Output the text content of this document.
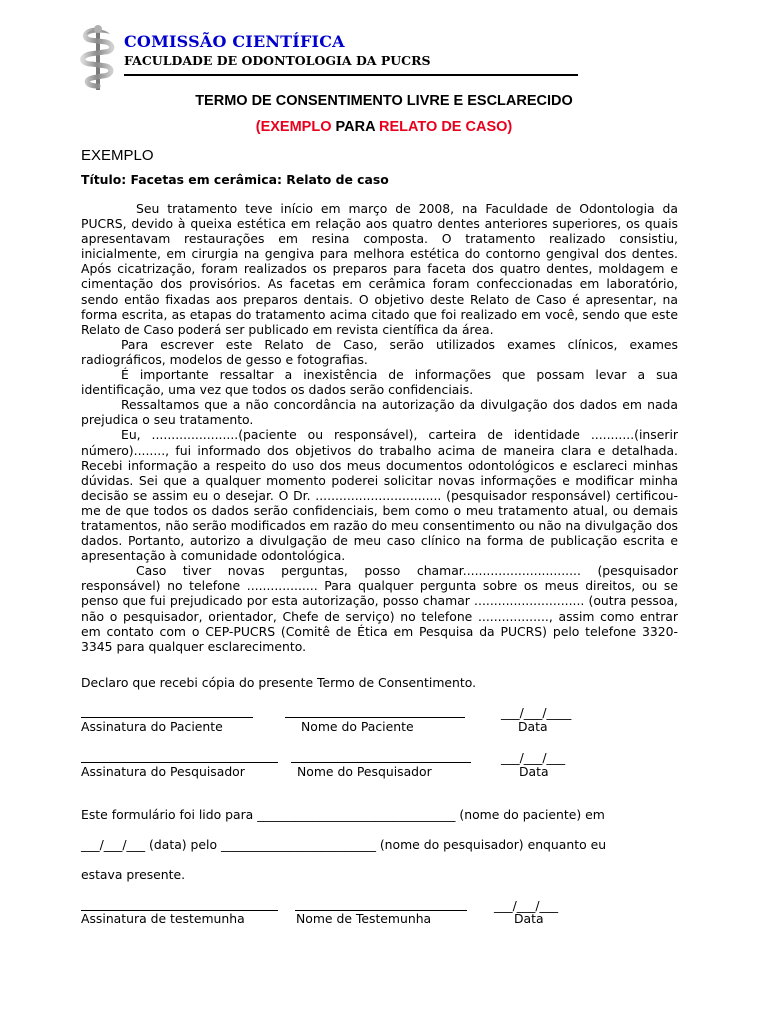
COMISSÃO CIENTÍFICA
FACULDADE DE ODONTOLOGIA DA PUCRS
TERMO DE CONSENTIMENTO LIVRE E ESCLARECIDO
(EXEMPLO PARA RELATO DE CASO)
EXEMPLO
Título: Facetas em cerâmica: Relato de caso

Seu tratamento teve início em março de 2008, na Faculdade de Odontologia da PUCRS, devido à queixa estética em relação aos quatro dentes anteriores superiores, os quais apresentavam restaurações em resina composta. O tratamento realizado consistiu, inicialmente, em cirurgia na gengiva para melhora estética do contorno gengival dos dentes. Após cicatrização, foram realizados os preparos para faceta dos quatro dentes, moldagem e cimentação dos provisórios. As facetas em cerâmica foram confeccionadas em laboratório, sendo então fixadas aos preparos dentais. O objetivo deste Relato de Caso é apresentar, na forma escrita, as etapas do tratamento acima citado que foi realizado em você, sendo que este Relato de Caso poderá ser publicado em revista científica da área.

Para escrever este Relato de Caso, serão utilizados exames clínicos, exames radiográficos, modelos de gesso e fotografias.

É importante ressaltar a inexistência de informações que possam levar a sua identificação, uma vez que todos os dados serão confidenciais.

Ressaltamos que a não concordância na autorização da divulgação dos dados em nada prejudica o seu tratamento.

Eu, ......................(paciente ou responsável), carteira de identidade ...........(inserir número)........, fui informado dos objetivos do trabalho acima de maneira clara e detalhada. Recebi informação a respeito do uso dos meus documentos odontológicos e esclareci minhas dúvidas. Sei que a qualquer momento poderei solicitar novas informações e modificar minha decisão se assim eu o desejar. O Dr. ................................ (pesquisador responsável) certificou-me de que todos os dados serão confidenciais, bem como o meu tratamento atual, ou demais tratamentos, não serão modificados em razão do meu consentimento ou não na divulgação dos dados. Portanto, autorizo a divulgação de meu caso clínico na forma de publicação escrita e apresentação à comunidade odontológica.

Caso tiver novas perguntas, posso chamar.............................. (pesquisador responsável) no telefone .................. Para qualquer pergunta sobre os meus direitos, ou se penso que fui prejudicado por esta autorização, posso chamar ............................ (outra pessoa, não o pesquisador, orientador, Chefe de serviço) no telefone .................., assim como entrar em contato com o CEP-PUCRS (Comitê de Ética em Pesquisa da PUCRS) pelo telefone 3320-3345 para qualquer esclarecimento.

Declaro que recebi cópia do presente Termo de Consentimento.
___/___/____
Assinatura do Paciente	Nome do Paciente	Data
___/___/___
Assinatura do Pesquisador	Nome do Pesquisador	Data
Este formulário foi lido para ________________________________ (nome do paciente) em
___/___/___ (data) pelo _________________________ (nome do pesquisador) enquanto eu
estava presente.
___/___/___
Assinatura de testemunha	Nome de Testemunha	Data
